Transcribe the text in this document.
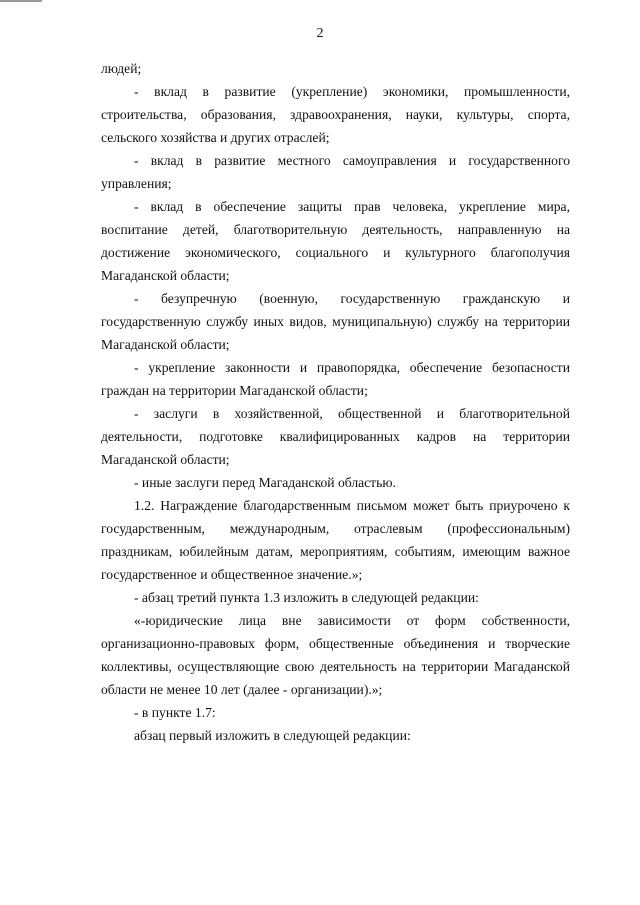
2

людей;

- вклад в развитие (укрепление) экономики, промышленности, строительства, образования, здравоохранения, науки, культуры, спорта, сельского хозяйства и других отраслей;

- вклад в развитие местного самоуправления и государственного управления;

- вклад в обеспечение защиты прав человека, укрепление мира, воспитание детей, благотворительную деятельность, направленную на достижение экономического, социального и культурного благополучия Магаданской области;

- безупречную (военную, государственную гражданскую и государственную службу иных видов, муниципальную) службу на территории Магаданской области;

- укрепление законности и правопорядка, обеспечение безопасности граждан на территории Магаданской области;

- заслуги в хозяйственной, общественной и благотворительной деятельности, подготовке квалифицированных кадров на территории Магаданской области;

- иные заслуги перед Магаданской областью.

1.2. Награждение благодарственным письмом может быть приурочено к государственным, международным, отраслевым (профессиональным) праздникам, юбилейным датам, мероприятиям, событиям, имеющим важное государственное и общественное значение.»;

- абзац третий пункта 1.3 изложить в следующей редакции:

«-юридические лица вне зависимости от форм собственности, организационно-правовых форм, общественные объединения и творческие коллективы, осуществляющие свою деятельность на территории Магаданской области не менее 10 лет (далее - организации).»;

- в пункте 1.7:

абзац первый изложить в следующей редакции:
